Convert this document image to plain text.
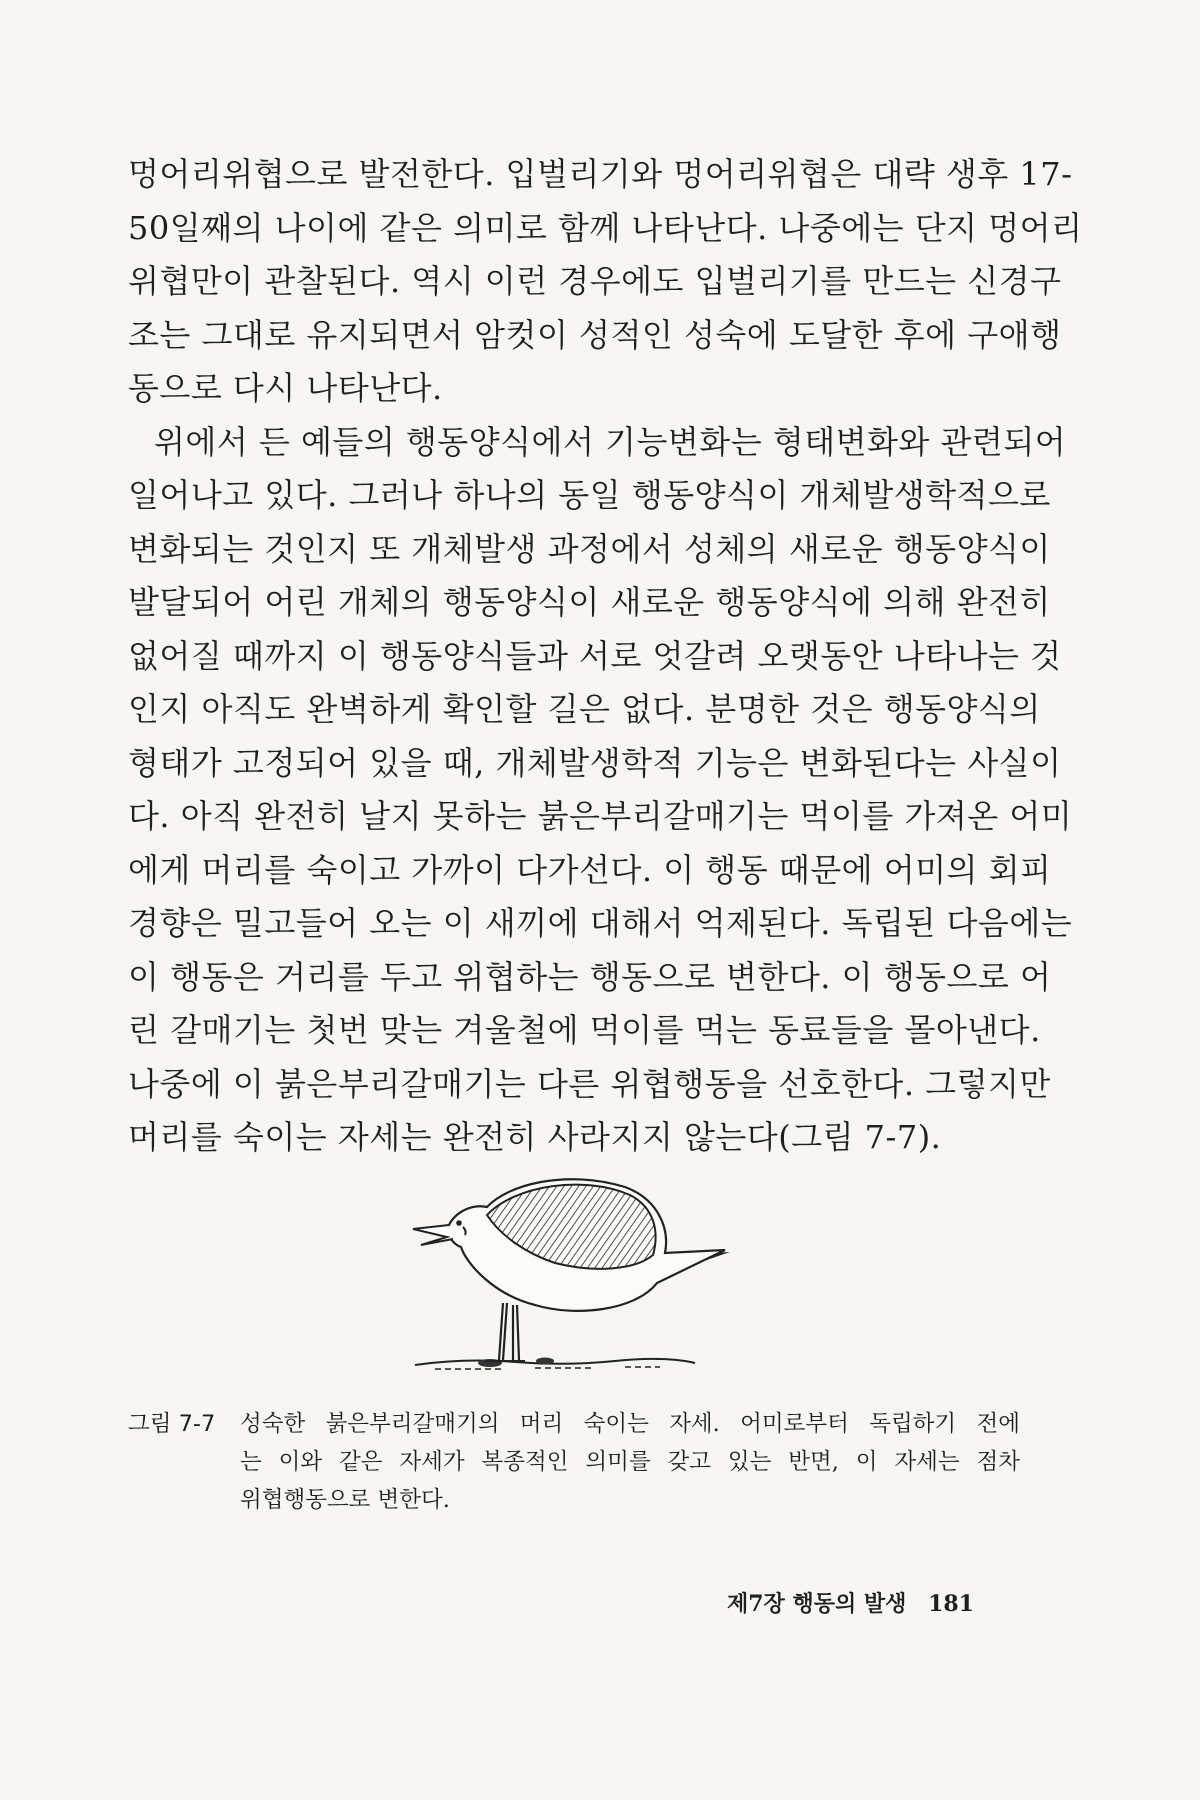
멍어리위협으로 발전한다. 입벌리기와 멍어리위협은 대략 생후 17-
50일째의 나이에 같은 의미로 함께 나타난다. 나중에는 단지 멍어리
위협만이 관찰된다. 역시 이런 경우에도 입벌리기를 만드는 신경구
조는 그대로 유지되면서 암컷이 성적인 성숙에 도달한 후에 구애행
동으로 다시 나타난다.
위에서 든 예들의 행동양식에서 기능변화는 형태변화와 관련되어
일어나고 있다. 그러나 하나의 동일 행동양식이 개체발생학적으로
변화되는 것인지 또 개체발생 과정에서 성체의 새로운 행동양식이
발달되어 어린 개체의 행동양식이 새로운 행동양식에 의해 완전히
없어질 때까지 이 행동양식들과 서로 엇갈려 오랫동안 나타나는 것
인지 아직도 완벽하게 확인할 길은 없다. 분명한 것은 행동양식의
형태가 고정되어 있을 때, 개체발생학적 기능은 변화된다는 사실이
다. 아직 완전히 날지 못하는 붉은부리갈매기는 먹이를 가져온 어미
에게 머리를 숙이고 가까이 다가선다. 이 행동 때문에 어미의 회피
경향은 밀고들어 오는 이 새끼에 대해서 억제된다. 독립된 다음에는
이 행동은 거리를 두고 위협하는 행동으로 변한다. 이 행동으로 어
린 갈매기는 첫번 맞는 겨울철에 먹이를 먹는 동료들을 몰아낸다.
나중에 이 붉은부리갈매기는 다른 위협행동을 선호한다. 그렇지만
머리를 숙이는 자세는 완전히 사라지지 않는다(그림 7-7).
그림 7-7	성숙한 붉은부리갈매기의 머리 숙이는 자세. 어미로부터 독립하기 전에
는 이와 같은 자세가 복종적인 의미를 갖고 있는 반면, 이 자세는 점차
위협행동으로 변한다.
제7장 행동의 발생 181
